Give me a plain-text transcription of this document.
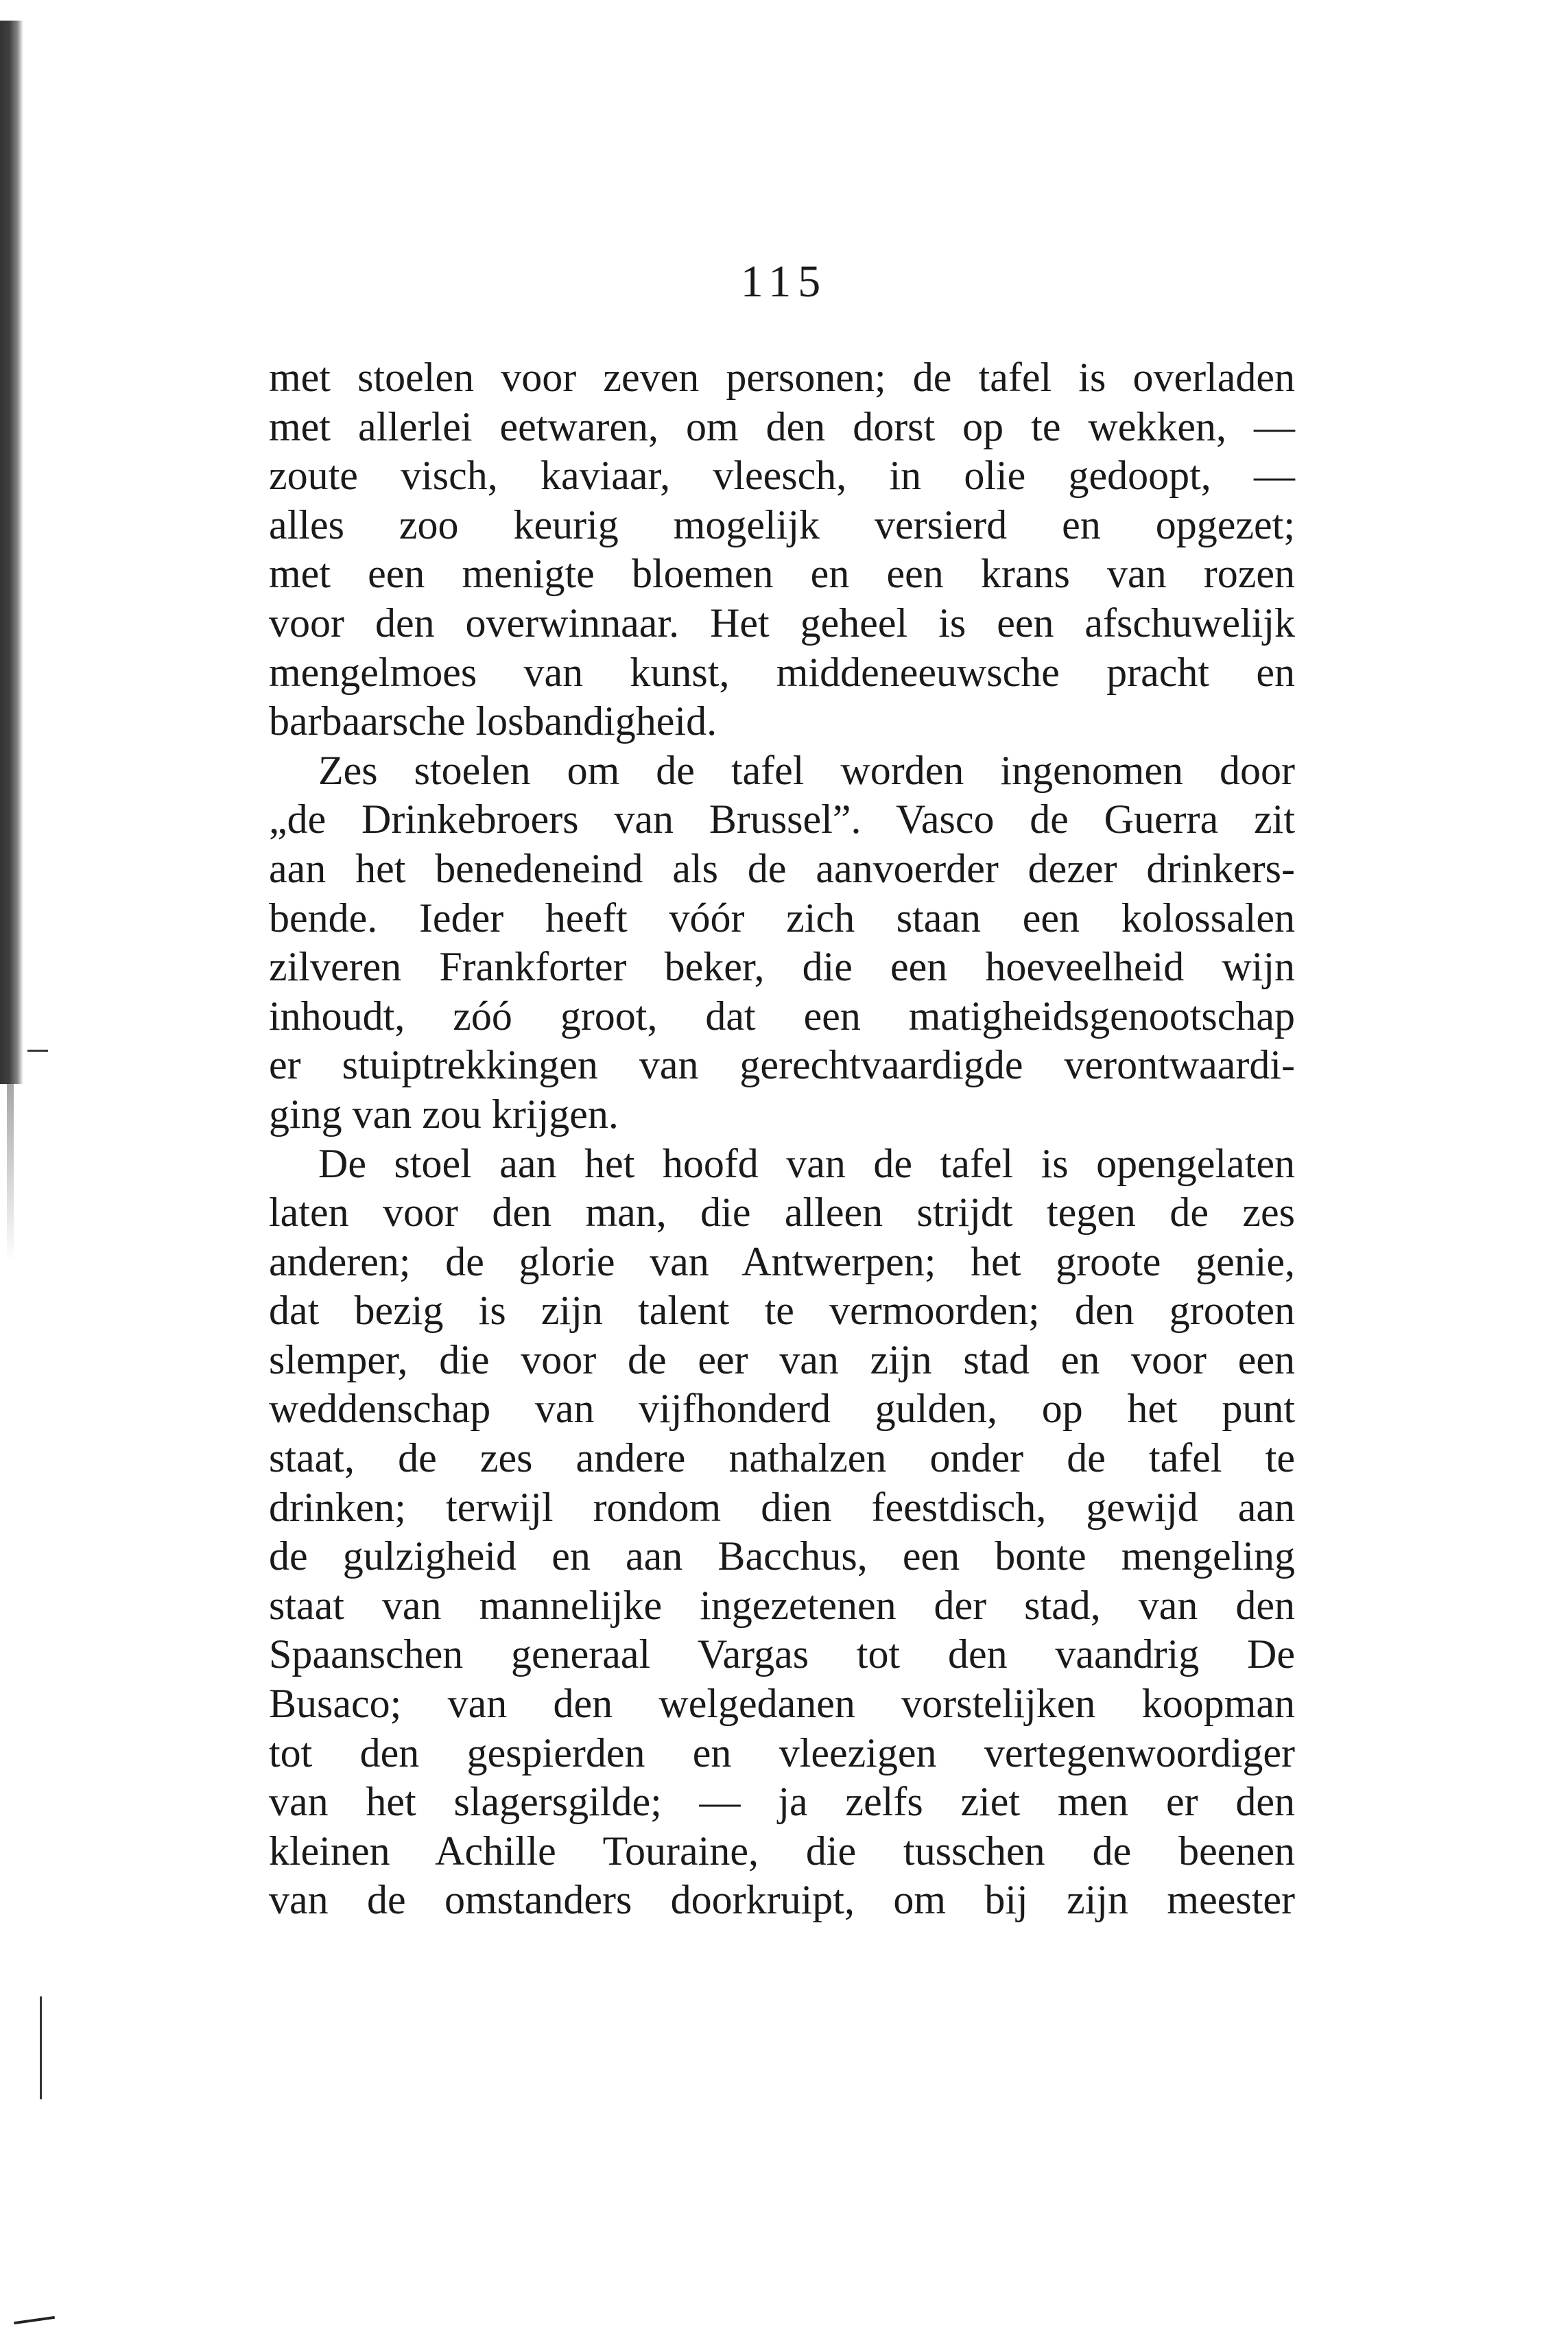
115
met stoelen voor zeven personen; de tafel is overladen
met allerlei eetwaren, om den dorst op te wekken, —
zoute visch, kaviaar, vleesch, in olie gedoopt, —
alles zoo keurig mogelijk versierd en opgezet;
met een menigte bloemen en een krans van rozen
voor den overwinnaar. Het geheel is een afschuwelijk
mengelmoes van kunst, middeneeuwsche pracht en
barbaarsche losbandigheid.
Zes stoelen om de tafel worden ingenomen door
„de Drinkebroers van Brussel”. Vasco de Guerra zit
aan het benedeneind als de aanvoerder dezer drinkers-
bende. Ieder heeft vóór zich staan een kolossalen
zilveren Frankforter beker, die een hoeveelheid wijn
inhoudt, zóó groot, dat een matigheidsgenootschap
er stuiptrekkingen van gerechtvaardigde verontwaardi-
ging van zou krijgen.
De stoel aan het hoofd van de tafel is opengelaten
laten voor den man, die alleen strijdt tegen de zes
anderen; de glorie van Antwerpen; het groote genie,
dat bezig is zijn talent te vermoorden; den grooten
slemper, die voor de eer van zijn stad en voor een
weddenschap van vijfhonderd gulden, op het punt
staat, de zes andere nathalzen onder de tafel te
drinken; terwijl rondom dien feestdisch, gewijd aan
de gulzigheid en aan Bacchus, een bonte mengeling
staat van mannelijke ingezetenen der stad, van den
Spaanschen generaal Vargas tot den vaandrig De
Busaco; van den welgedanen vorstelijken koopman
tot den gespierden en vleezigen vertegenwoordiger
van het slagersgilde; — ja zelfs ziet men er den
kleinen Achille Touraine, die tusschen de beenen
van de omstanders doorkruipt, om bij zijn meester
